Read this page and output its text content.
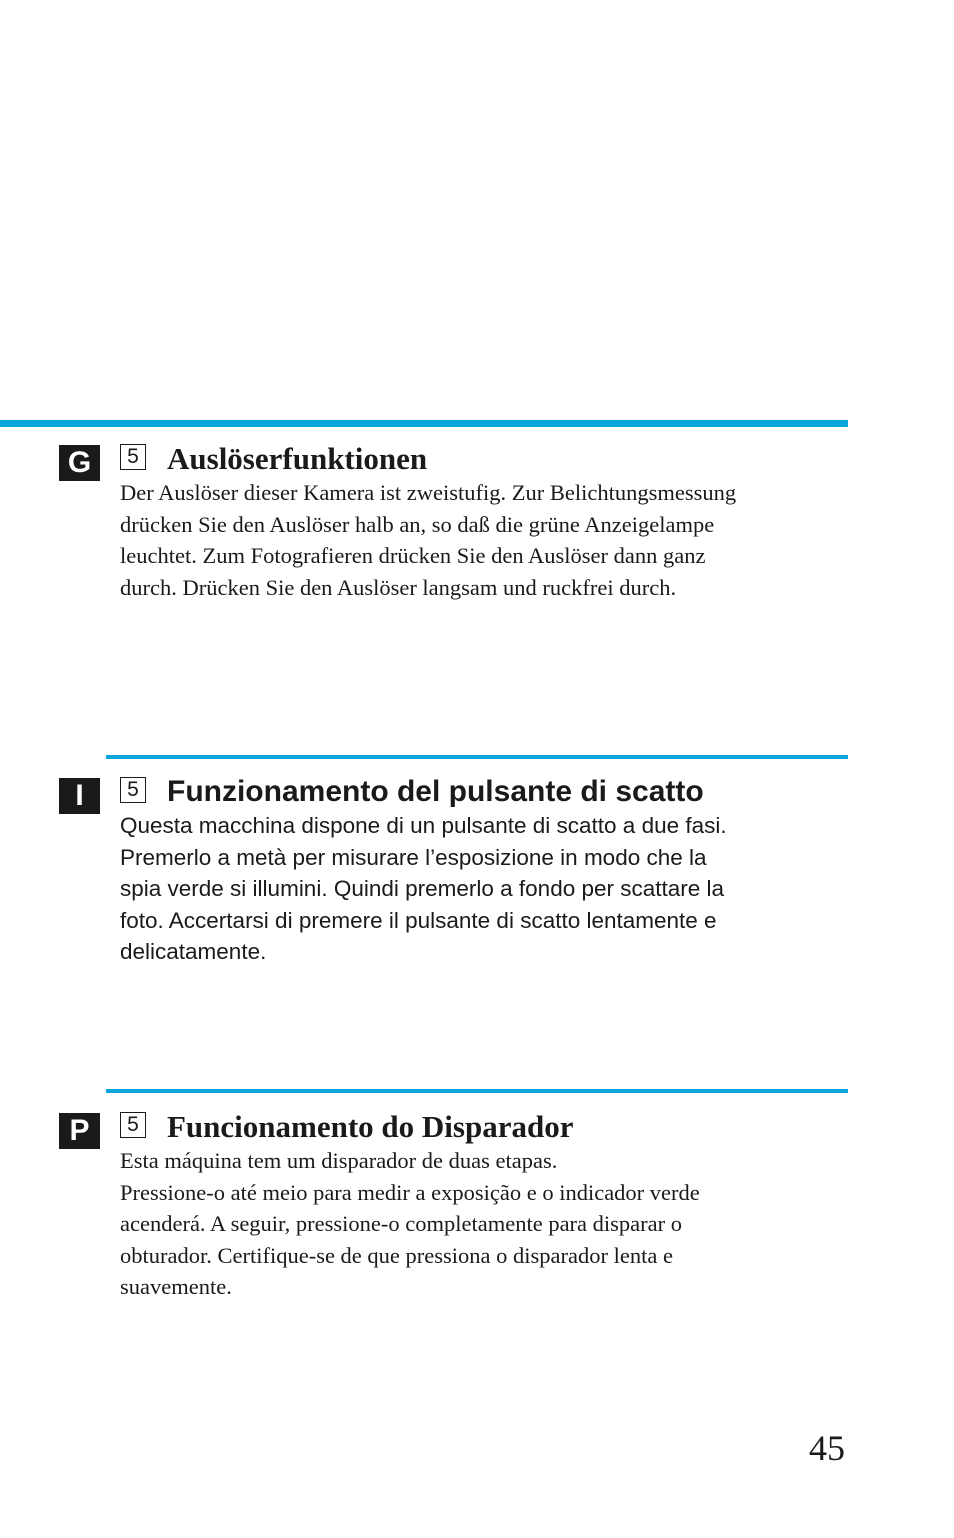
G	5 Auslöserfunktionen
Der Auslöser dieser Kamera ist zweistufig. Zur Belichtungsmessung
drücken Sie den Auslöser halb an, so daß die grüne Anzeigelampe
leuchtet. Zum Fotografieren drücken Sie den Auslöser dann ganz
durch. Drücken Sie den Auslöser langsam und ruckfrei durch.
I	5 Funzionamento del pulsante di scatto
Questa macchina dispone di un pulsante di scatto a due fasi.
Premerlo a metà per misurare l’esposizione in modo che la
spia verde si illumini. Quindi premerlo a fondo per scattare la
foto. Accertarsi di premere il pulsante di scatto lentamente e
delicatamente.
P	5 Funcionamento do Disparador
Esta máquina tem um disparador de duas etapas.
Pressione-o até meio para medir a exposição e o indicador verde
acenderá. A seguir, pressione-o completamente para disparar o
obturador. Certifique-se de que pressiona o disparador lenta e
suavemente.
45
